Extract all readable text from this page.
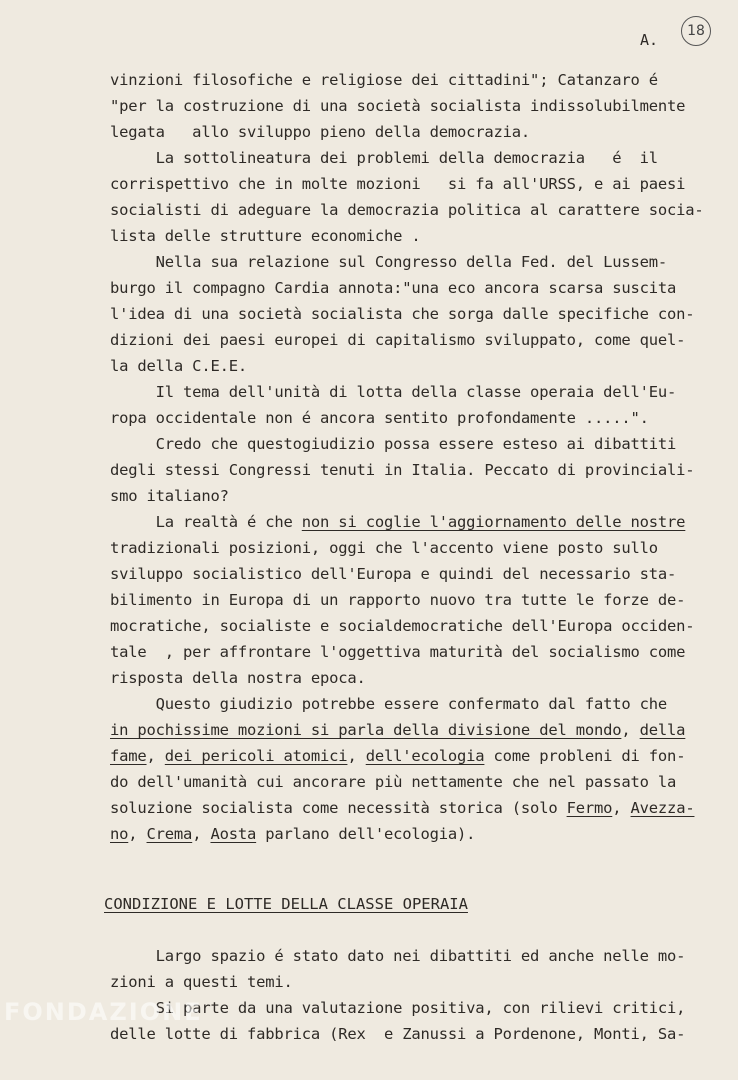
A.	18
vinzioni filosofiche e religiose dei cittadini"; Catanzaro é
"per la costruzione di una società socialista indissolubilmente
legata   allo sviluppo pieno della democrazia.
La sottolineatura dei problemi della democrazia   é  il
corrispettivo che in molte mozioni   si fa all'URSS, e ai paesi
socialisti di adeguare la democrazia politica al carattere socia-
lista delle strutture economiche .
Nella sua relazione sul Congresso della Fed. del Lussem-
burgo il compagno Cardia annota:"una eco ancora scarsa suscita
l'idea di una società socialista che sorga dalle specifiche con-
dizioni dei paesi europei di capitalismo sviluppato, come quel-
la della C.E.E.
Il tema dell'unità di lotta della classe operaia dell'Eu-
ropa occidentale non é ancora sentito profondamente .....".
Credo che questogiudizio possa essere esteso ai dibattiti
degli stessi Congressi tenuti in Italia. Peccato di provinciali-
smo italiano?
La realtà é che non si coglie l'aggiornamento delle nostre
tradizionali posizioni, oggi che l'accento viene posto sullo
sviluppo socialistico dell'Europa e quindi del necessario sta-
bilimento in Europa di un rapporto nuovo tra tutte le forze de-
mocratiche, socialiste e socialdemocratiche dell'Europa occiden-
tale  , per affrontare l'oggettiva maturità del socialismo come
risposta della nostra epoca.
Questo giudizio potrebbe essere confermato dal fatto che
in pochissime mozioni si parla della divisione del mondo, della
fame, dei pericoli atomici, dell'ecologia come probleni di fon-
do dell'umanità cui ancorare più nettamente che nel passato la
soluzione socialista come necessità storica (solo Fermo, Avezza-
no, Crema, Aosta parlano dell'ecologia).
CONDIZIONE E LOTTE DELLA CLASSE OPERAIA
Largo spazio é stato dato nei dibattiti ed anche nelle mo-
zioni a questi temi.
Si parte da una valutazione positiva, con rilievi critici,
delle lotte di fabbrica (Rex  e Zanussi a Pordenone, Monti, Sa-
FONDAZIONE
